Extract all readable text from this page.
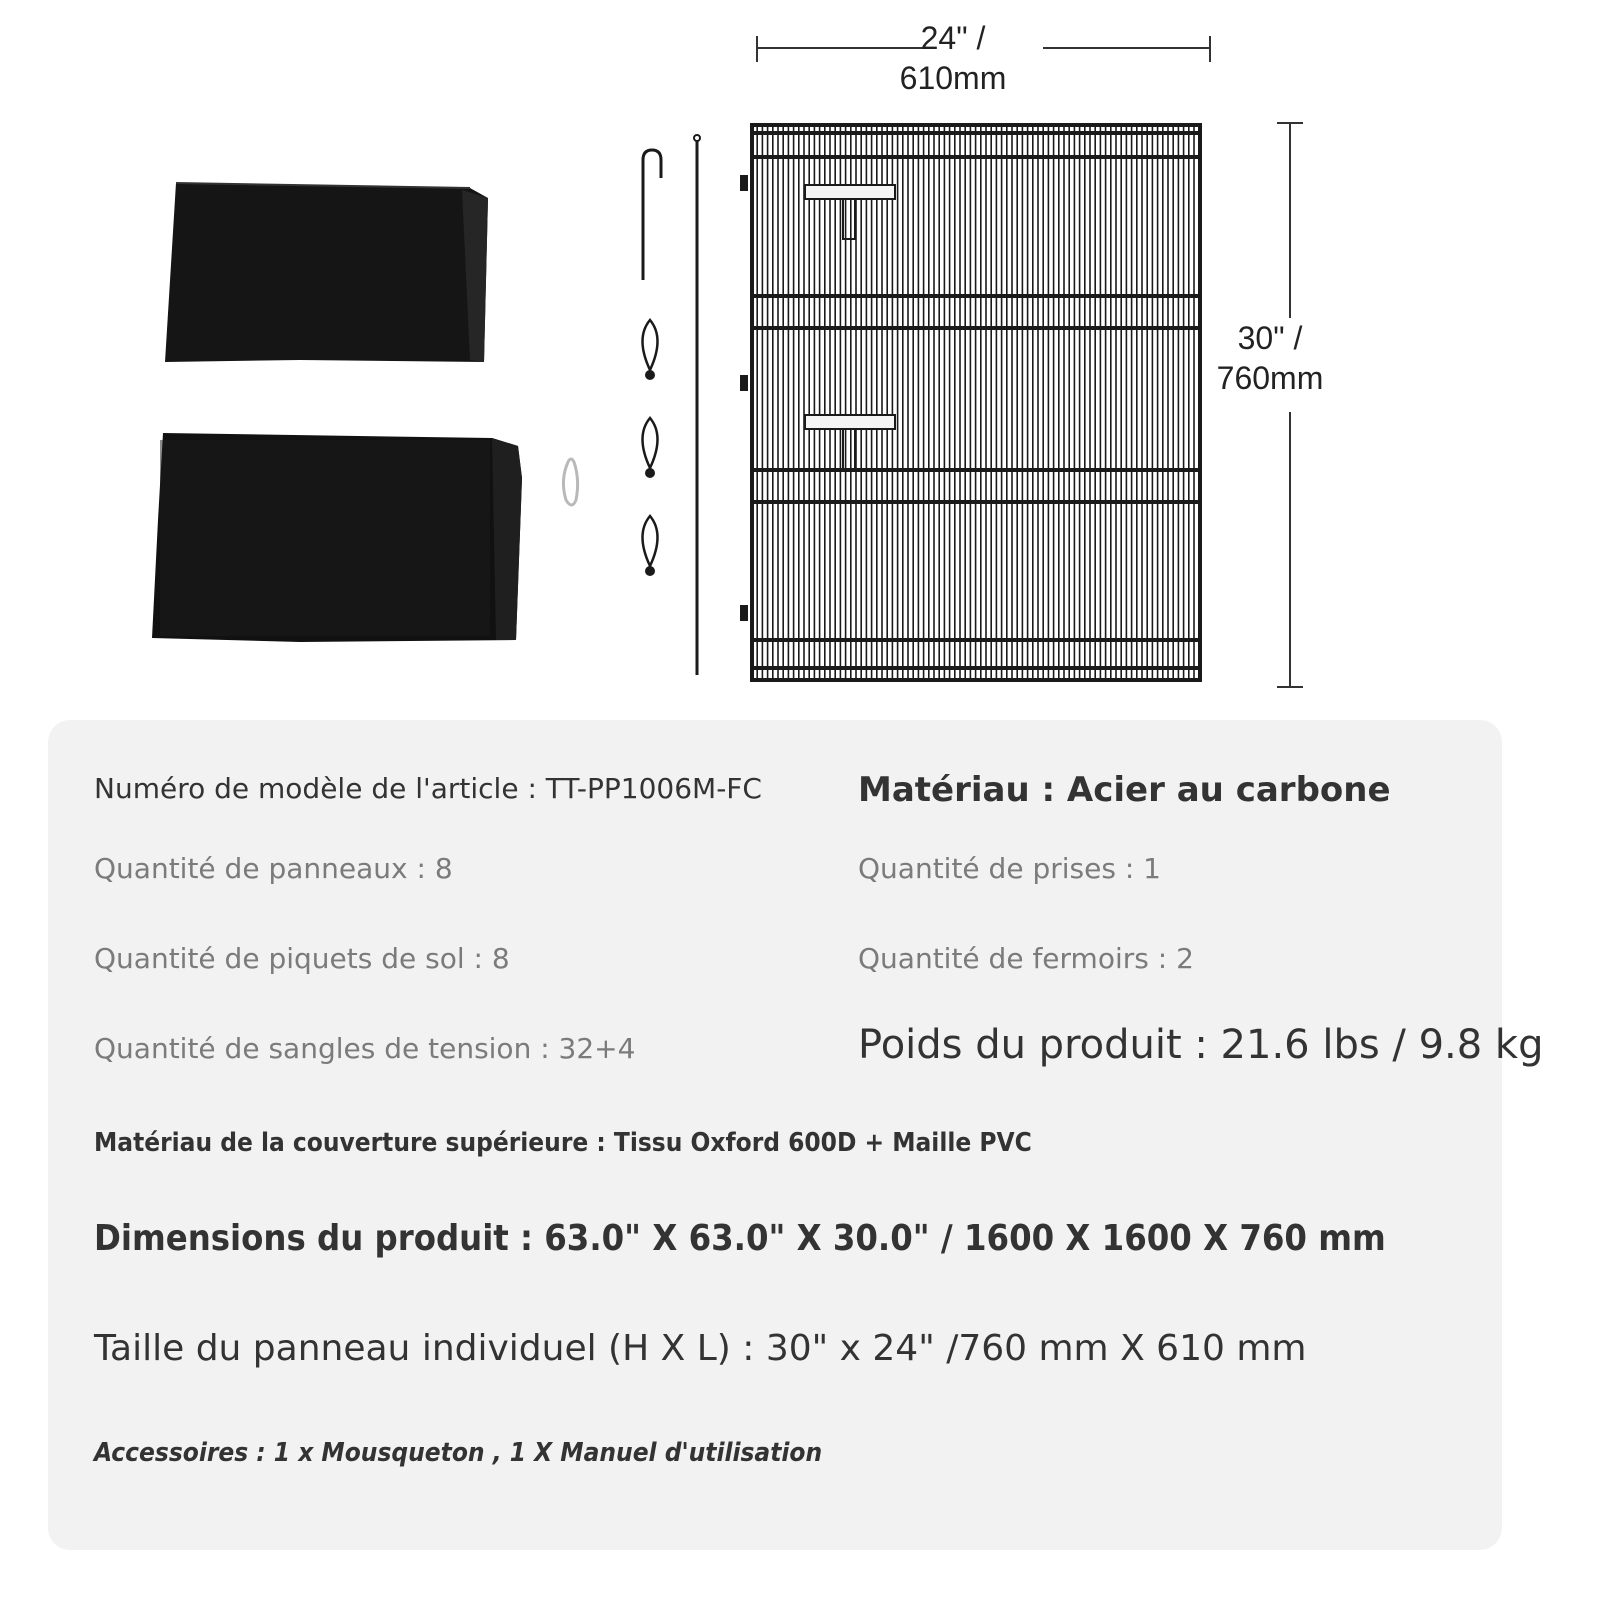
24" /
610mm
30" /
760mm
Numéro de modèle de l'article : TT-PP1006M-FC	Matériau : Acier au carbone
Quantité de panneaux : 8	Quantité de prises : 1
Quantité de piquets de sol : 8	Quantité de fermoirs : 2
Quantité de sangles de tension : 32+4	Poids du produit : 21.6 lbs / 9.8 kg
Matériau de la couverture supérieure : Tissu Oxford 600D + Maille PVC
Dimensions du produit : 63.0" X 63.0" X 30.0" / 1600 X 1600 X 760 mm
Taille du panneau individuel (H X L) : 30" x 24" /760 mm X 610 mm
Accessoires : 1 x Mousqueton , 1 X Manuel d'utilisation
